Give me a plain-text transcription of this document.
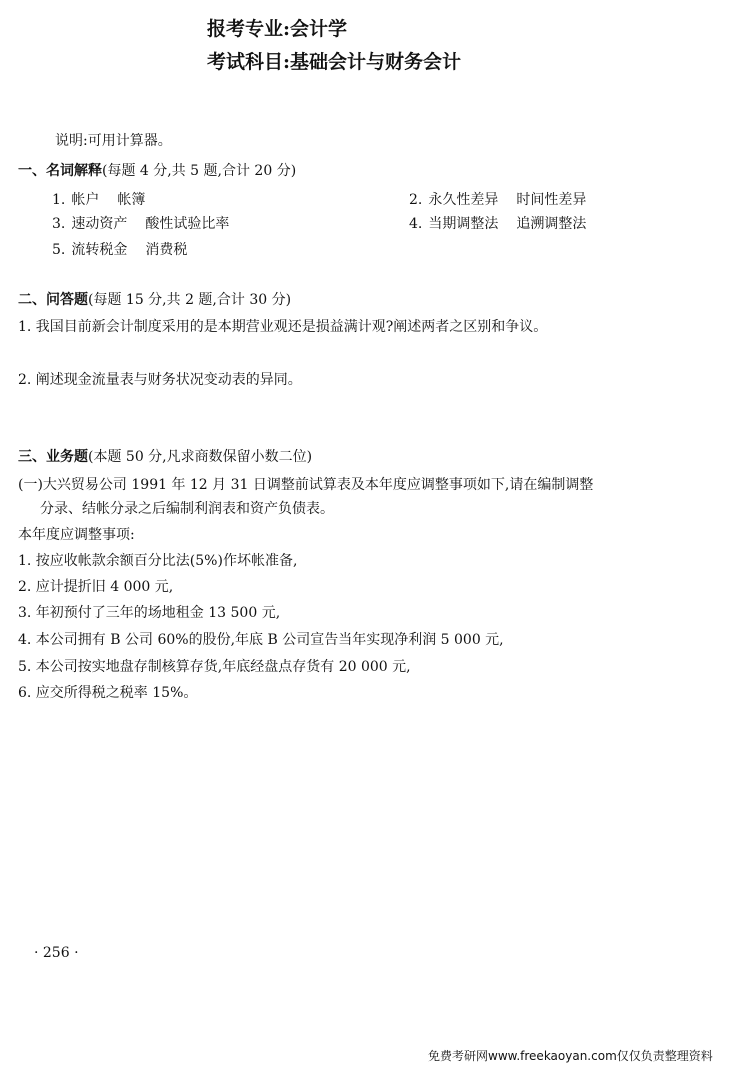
报考专业:会计学
考试科目:基础会计与财务会计
说明:可用计算器。
一、名词解释(每题 4 分,共 5 题,合计 20 分)
1. 帐户 帐簿	2. 永久性差异 时间性差异
3. 速动资产 酸性试验比率	4. 当期调整法 追溯调整法
5. 流转税金 消费税
二、问答题(每题 15 分,共 2 题,合计 30 分)
1. 我国目前新会计制度采用的是本期营业观还是损益满计观?阐述两者之区别和争议。
2. 阐述现金流量表与财务状况变动表的异同。
三、业务题(本题 50 分,凡求商数保留小数二位)
(一)大兴贸易公司 1991 年 12 月 31 日调整前试算表及本年度应调整事项如下,请在编制调整
分录、结帐分录之后编制利润表和资产负债表。
本年度应调整事项:
1. 按应收帐款余额百分比法(5%)作坏帐准备,
2. 应计提折旧 4 000 元,
3. 年初预付了三年的场地租金 13 500 元,
4. 本公司拥有 B 公司 60%的股份,年底 B 公司宣告当年实现净利润 5 000 元,
5. 本公司按实地盘存制核算存货,年底经盘点存货有 20 000 元,
6. 应交所得税之税率 15%。
· 256 ·
免费考研网www.freekaoyan.com仅仅负责整理资料
